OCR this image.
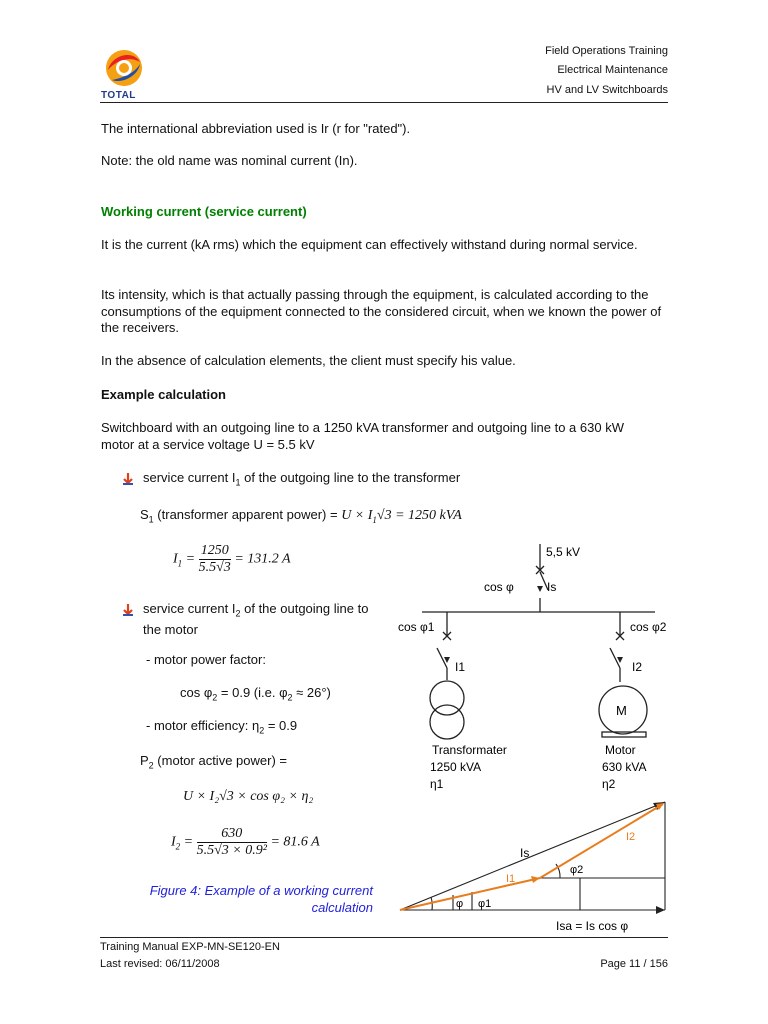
TOTAL
Field Operations Training
Electrical Maintenance
HV and LV Switchboards
The international abbreviation used is Ir (r for "rated").
Note: the old name was nominal current (In).
Working current (service current)
It is the current (kA rms) which the equipment can effectively withstand during normal service.
Its intensity, which is that actually passing through the equipment, is calculated according to the consumptions of the equipment connected to the considered circuit, when we known the power of the receivers.
In the absence of calculation elements, the client must specify his value.
Example calculation
Switchboard with an outgoing line to a 1250 kVA transformer and outgoing line to a 630 kW motor at a service voltage U = 5.5 kV
service current $I_1$ of the outgoing line to the transformer
$S_1$ (transformer apparent power) = $U \times I_1√3 = 1250$ kVA
$I_1 = \frac{1250}{5.5√3} = 131.2$ A
service current $I_2$ of the outgoing line to the motor
- motor power factor:
$\cos \varphi_2 = 0.9$ (i.e. $\varphi_2 \approx 26^\circ$)
- motor efficiency: $\eta_2 = 0.9$
$P_2$ (motor active power) =
U × I₂√3 × cos φ₂ × η₂
$I_2 = \frac{630}{\text{5.5√3 × 0.9²}} = 81.6$ A
Figure 4: Example of a working current
calculation
5,5 kV
cos φ	Is
cos φ1	cos φ2
I1	I2
M
Transformater
1250 kVA
η1
Motor
630 kVA
η2
Is
I1
I2
φ φ1
φ2
Isa = Is cos φ
Training Manual EXP-MN-SE120-EN
Last revised: 06/11/2008	Page 11 / 156
